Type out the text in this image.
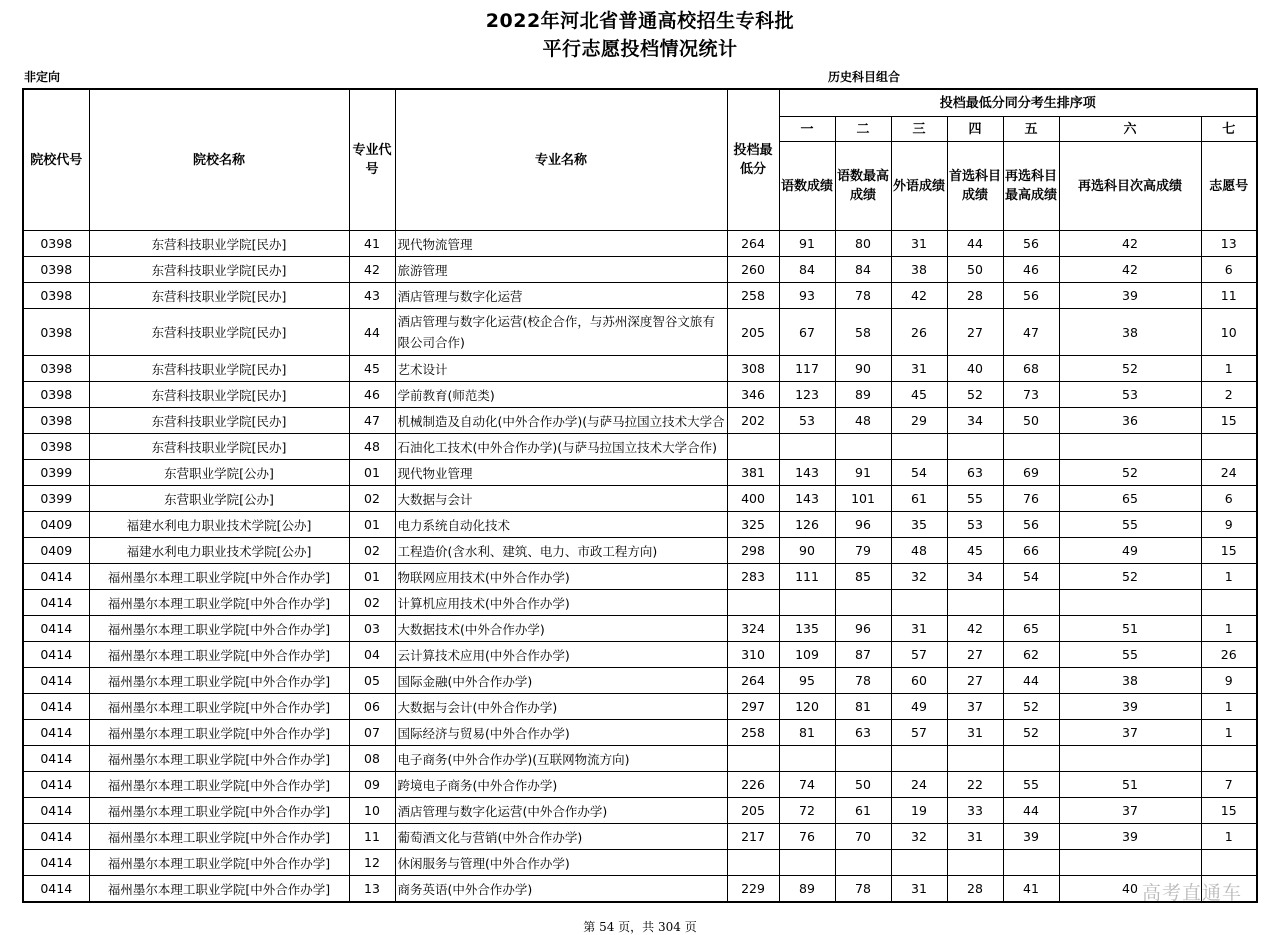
2022年河北省普通高校招生专科批
平行志愿投档情况统计
非定向	历史科目组合
院校代号	院校名称	专业代号	专业名称	投档最低分	投档最低分同分考生排序项						
					一	二	三	四	五	六	七
					语数成绩	语数最高成绩	外语成绩	首选科目成绩	再选科目最高成绩	再选科目次高成绩	志愿号
0398	东营科技职业学院[民办]	41	现代物流管理	264	91	80	31	44	56	42	13
0398	东营科技职业学院[民办]	42	旅游管理	260	84	84	38	50	46	42	6
0398	东营科技职业学院[民办]	43	酒店管理与数字化运营	258	93	78	42	28	56	39	11
0398	东营科技职业学院[民办]	44	酒店管理与数字化运营(校企合作，与苏州深度智谷文旅有限公司合作)	205	67	58	26	27	47	38	10
0398	东营科技职业学院[民办]	45	艺术设计	308	117	90	31	40	68	52	1
0398	东营科技职业学院[民办]	46	学前教育(师范类)	346	123	89	45	52	73	53	2
0398	东营科技职业学院[民办]	47	机械制造及自动化(中外合作办学)(与萨马拉国立技术大学合	202	53	48	29	34	50	36	15
0398	东营科技职业学院[民办]	48	石油化工技术(中外合作办学)(与萨马拉国立技术大学合作)								
0399	东营职业学院[公办]	01	现代物业管理	381	143	91	54	63	69	52	24
0399	东营职业学院[公办]	02	大数据与会计	400	143	101	61	55	76	65	6
0409	福建水利电力职业技术学院[公办]	01	电力系统自动化技术	325	126	96	35	53	56	55	9
0409	福建水利电力职业技术学院[公办]	02	工程造价(含水利、建筑、电力、市政工程方向)	298	90	79	48	45	66	49	15
0414	福州墨尔本理工职业学院[中外合作办学]	01	物联网应用技术(中外合作办学)	283	111	85	32	34	54	52	1
0414	福州墨尔本理工职业学院[中外合作办学]	02	计算机应用技术(中外合作办学)								
0414	福州墨尔本理工职业学院[中外合作办学]	03	大数据技术(中外合作办学)	324	135	96	31	42	65	51	1
0414	福州墨尔本理工职业学院[中外合作办学]	04	云计算技术应用(中外合作办学)	310	109	87	57	27	62	55	26
0414	福州墨尔本理工职业学院[中外合作办学]	05	国际金融(中外合作办学)	264	95	78	60	27	44	38	9
0414	福州墨尔本理工职业学院[中外合作办学]	06	大数据与会计(中外合作办学)	297	120	81	49	37	52	39	1
0414	福州墨尔本理工职业学院[中外合作办学]	07	国际经济与贸易(中外合作办学)	258	81	63	57	31	52	37	1
0414	福州墨尔本理工职业学院[中外合作办学]	08	电子商务(中外合作办学)(互联网物流方向)								
0414	福州墨尔本理工职业学院[中外合作办学]	09	跨境电子商务(中外合作办学)	226	74	50	24	22	55	51	7
0414	福州墨尔本理工职业学院[中外合作办学]	10	酒店管理与数字化运营(中外合作办学)	205	72	61	19	33	44	37	15
0414	福州墨尔本理工职业学院[中外合作办学]	11	葡萄酒文化与营销(中外合作办学)	217	76	70	32	31	39	39	1
0414	福州墨尔本理工职业学院[中外合作办学]	12	休闲服务与管理(中外合作办学)								
0414	福州墨尔本理工职业学院[中外合作办学]	13	商务英语(中外合作办学)	229	89	78	31	28	41	40	
第 54 页，共 304 页
高考直通车
